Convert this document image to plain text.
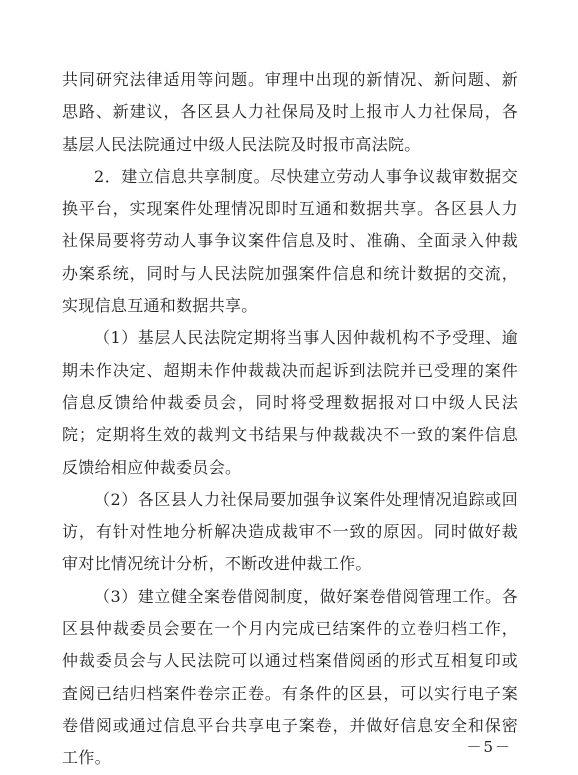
共同研究法律适用等问题。审理中出现的新情况、新问题、新思路、新建议，各区县人力社保局及时上报市人力社保局，各基层人民法院通过中级人民法院及时报市高法院。

2．建立信息共享制度。尽快建立劳动人事争议裁审数据交换平台，实现案件处理情况即时互通和数据共享。各区县人力社保局要将劳动人事争议案件信息及时、准确、全面录入仲裁办案系统，同时与人民法院加强案件信息和统计数据的交流，实现信息互通和数据共享。

（1）基层人民法院定期将当事人因仲裁机构不予受理、逾期未作决定、超期未作仲裁裁决而起诉到法院并已受理的案件信息反馈给仲裁委员会，同时将受理数据报对口中级人民法院；定期将生效的裁判文书结果与仲裁裁决不一致的案件信息反馈给相应仲裁委员会。

（2）各区县人力社保局要加强争议案件处理情况追踪或回访，有针对性地分析解决造成裁审不一致的原因。同时做好裁审对比情况统计分析，不断改进仲裁工作。

（3）建立健全案卷借阅制度，做好案卷借阅管理工作。各区县仲裁委员会要在一个月内完成已结案件的立卷归档工作，仲裁委员会与人民法院可以通过档案借阅函的形式互相复印或査阅已结归档案件卷宗正卷。有条件的区县，可以实行电子案卷借阅或通过信息平台共享电子案卷，并做好信息安全和保密工作。

－5－
